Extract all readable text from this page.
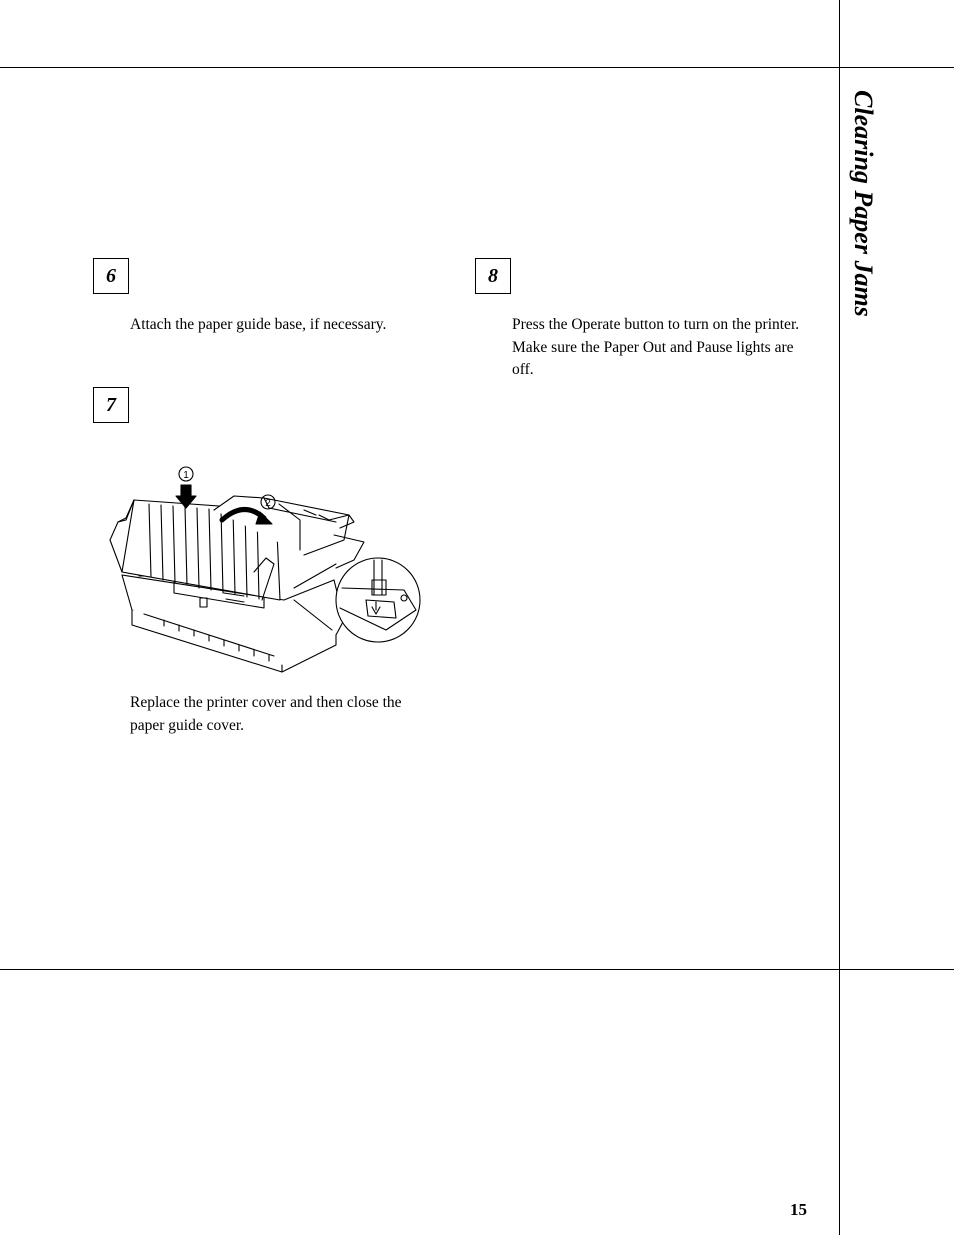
Clearing Paper Jams
6

Attach the paper guide base, if necessary.

7
1
2

Replace the printer cover and then close the paper guide cover.

8

Press the Operate button to turn on the printer. Make sure the Paper Out and Pause lights are off.

15
